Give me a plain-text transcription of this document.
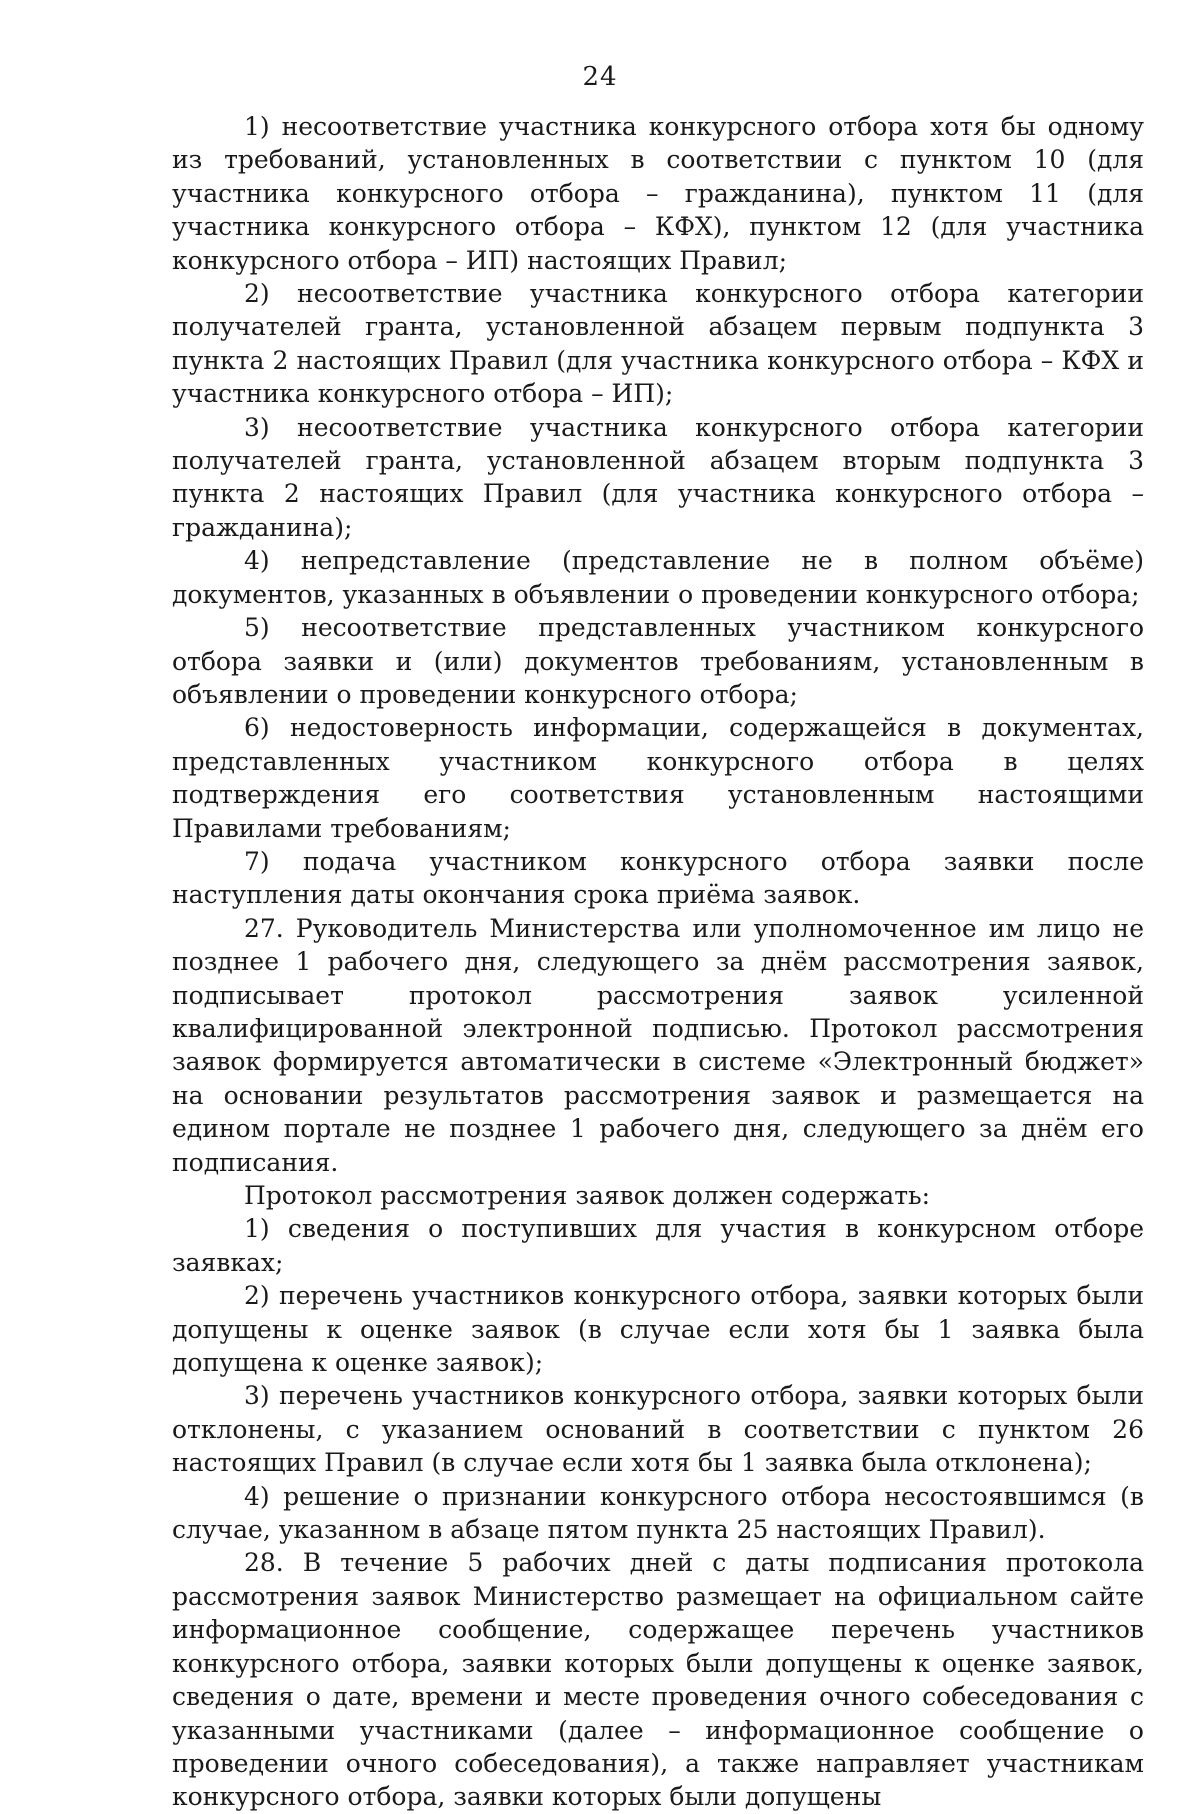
24

1) несоответствие участника конкурсного отбора хотя бы одному из требований, установленных в соответствии с пунктом 10 (для участника конкурсного отбора – гражданина), пунктом 11 (для участника конкурсного отбора – КФХ), пунктом 12 (для участника конкурсного отбора – ИП) настоящих Правил;

2) несоответствие участника конкурсного отбора категории получателей гранта, установленной абзацем первым подпункта 3 пункта 2 настоящих Правил (для участника конкурсного отбора – КФХ и участника конкурсного отбора – ИП);

3) несоответствие участника конкурсного отбора категории получателей гранта, установленной абзацем вторым подпункта 3 пункта 2 настоящих Правил (для участника конкурсного отбора – гражданина);

4) непредставление (представление не в полном объёме) документов, указанных в объявлении о проведении конкурсного отбора;

5) несоответствие представленных участником конкурсного отбора заявки и (или) документов требованиям, установленным в объявлении о проведении конкурсного отбора;

6) недостоверность информации, содержащейся в документах, представленных участником конкурсного отбора в целях подтверждения его соответствия установленным настоящими Правилами требованиям;

7) подача участником конкурсного отбора заявки после наступления даты окончания срока приёма заявок.

27. Руководитель Министерства или уполномоченное им лицо не позднее 1 рабочего дня, следующего за днём рассмотрения заявок, подписывает протокол рассмотрения заявок усиленной квалифицированной электронной подписью. Протокол рассмотрения заявок формируется автоматически в системе «Электронный бюджет» на основании результатов рассмотрения заявок и размещается на едином портале не позднее 1 рабочего дня, следующего за днём его подписания.

Протокол рассмотрения заявок должен содержать:

1) сведения о поступивших для участия в конкурсном отборе заявках;

2) перечень участников конкурсного отбора, заявки которых были допущены к оценке заявок (в случае если хотя бы 1 заявка была допущена к оценке заявок);

3) перечень участников конкурсного отбора, заявки которых были отклонены, с указанием оснований в соответствии с пунктом 26 настоящих Правил (в случае если хотя бы 1 заявка была отклонена);

4) решение о признании конкурсного отбора несостоявшимся (в случае, указанном в абзаце пятом пункта 25 настоящих Правил).

28. В течение 5 рабочих дней с даты подписания протокола рассмотрения заявок Министерство размещает на официальном сайте информационное сообщение, содержащее перечень участников конкурсного отбора, заявки которых были допущены к оценке заявок, сведения о дате, времени и месте проведения очного собеседования с указанными участниками (далее – информационное сообщение о проведении очного собеседования), а также направляет участникам конкурсного отбора, заявки которых были допущены
